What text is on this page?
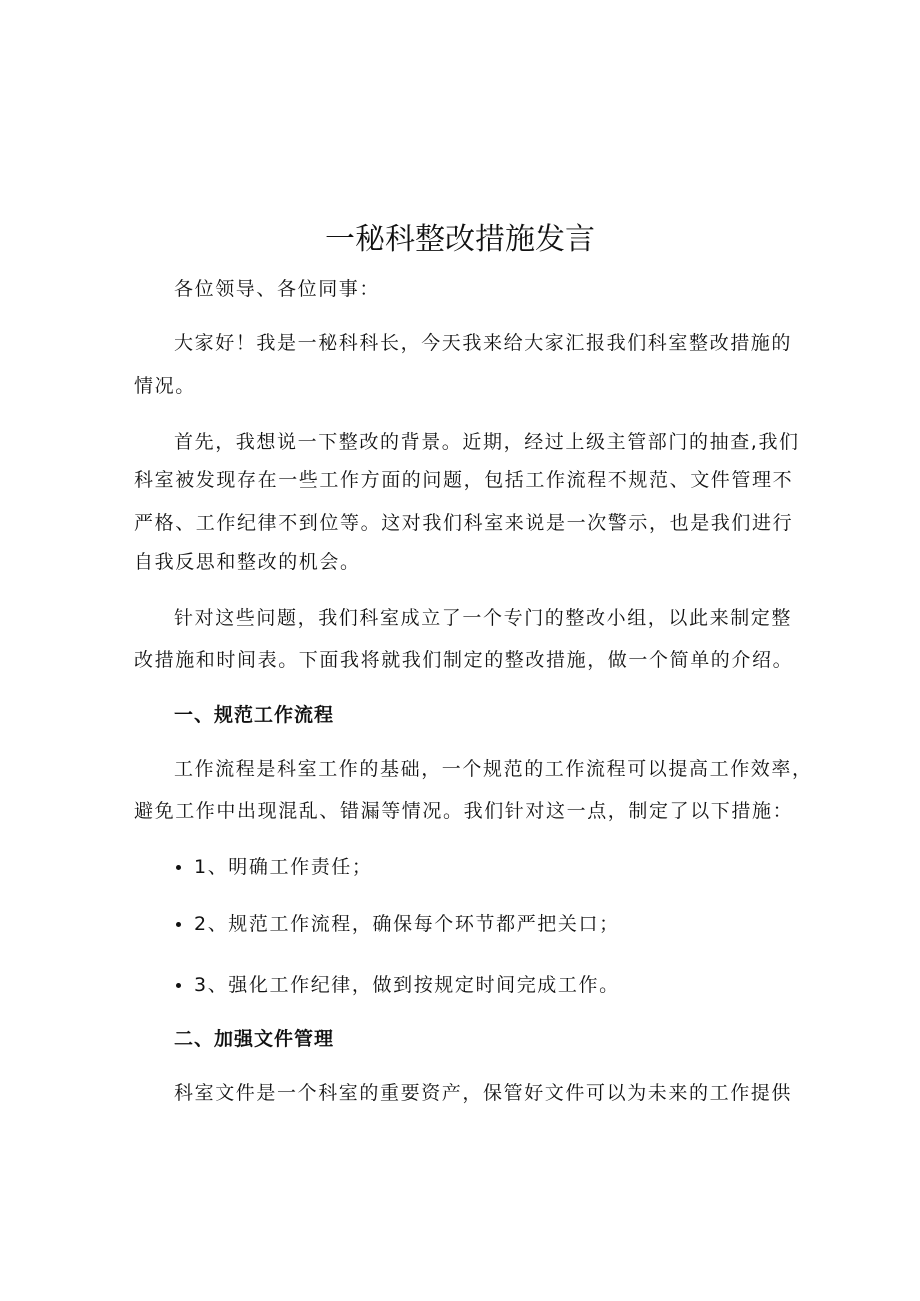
一秘科整改措施发言
各位领导、各位同事：
大家好！我是一秘科科长，今天我来给大家汇报我们科室整改措施的
情况。
首先，我想说一下整改的背景。近期，经过上级主管部门的抽查,我们
科室被发现存在一些工作方面的问题，包括工作流程不规范、文件管理不
严格、工作纪律不到位等。这对我们科室来说是一次警示，也是我们进行
自我反思和整改的机会。
针对这些问题，我们科室成立了一个专门的整改小组，以此来制定整
改措施和时间表。下面我将就我们制定的整改措施，做一个简单的介绍。
一、规范工作流程
工作流程是科室工作的基础，一个规范的工作流程可以提高工作效率，
避免工作中出现混乱、错漏等情况。我们针对这一点，制定了以下措施：
1、明确工作责任；
2、规范工作流程，确保每个环节都严把关口；
3、强化工作纪律，做到按规定时间完成工作。
二、加强文件管理
科室文件是一个科室的重要资产，保管好文件可以为未来的工作提供
